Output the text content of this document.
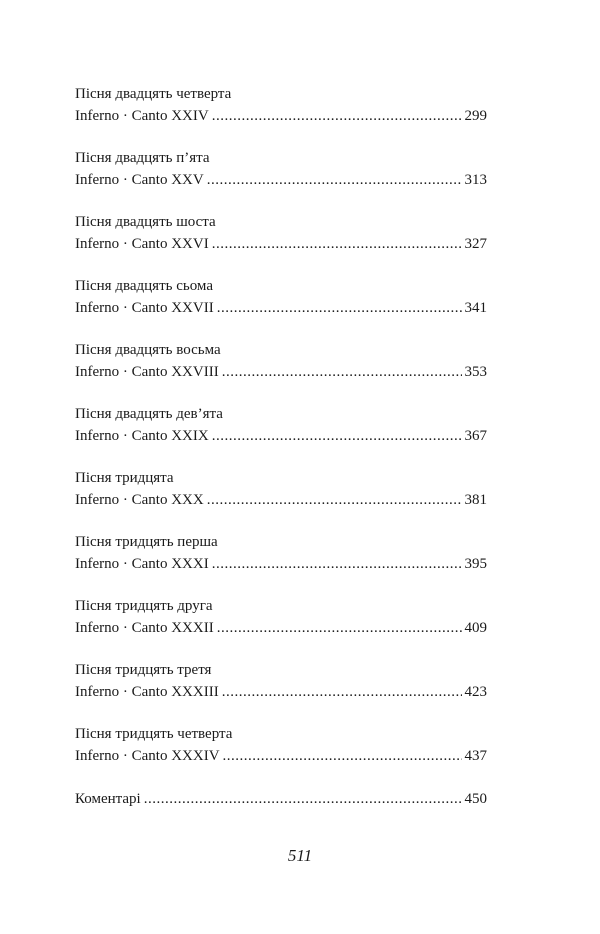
Пісня двадцять четверта
Inferno · Canto XXIV .....	299
Пісня двадцять п’ята
Inferno · Canto XXV .....	313
Пісня двадцять шоста
Inferno · Canto XXVI .....	327
Пісня двадцять сьома
Inferno · Canto XXVII .....	341
Пісня двадцять восьма
Inferno · Canto XXVIII .....	353
Пісня двадцять дев’ята
Inferno · Canto XXIX .....	367
Пісня тридцята
Inferno · Canto XXX .....	381
Пісня тридцять перша
Inferno · Canto XXXI .....	395
Пісня тридцять друга
Inferno · Canto XXXII .....	409
Пісня тридцять третя
Inferno · Canto XXXIII .....	423
Пісня тридцять четверта
Inferno · Canto XXXIV .....	437
Коментарі .....	450
511
